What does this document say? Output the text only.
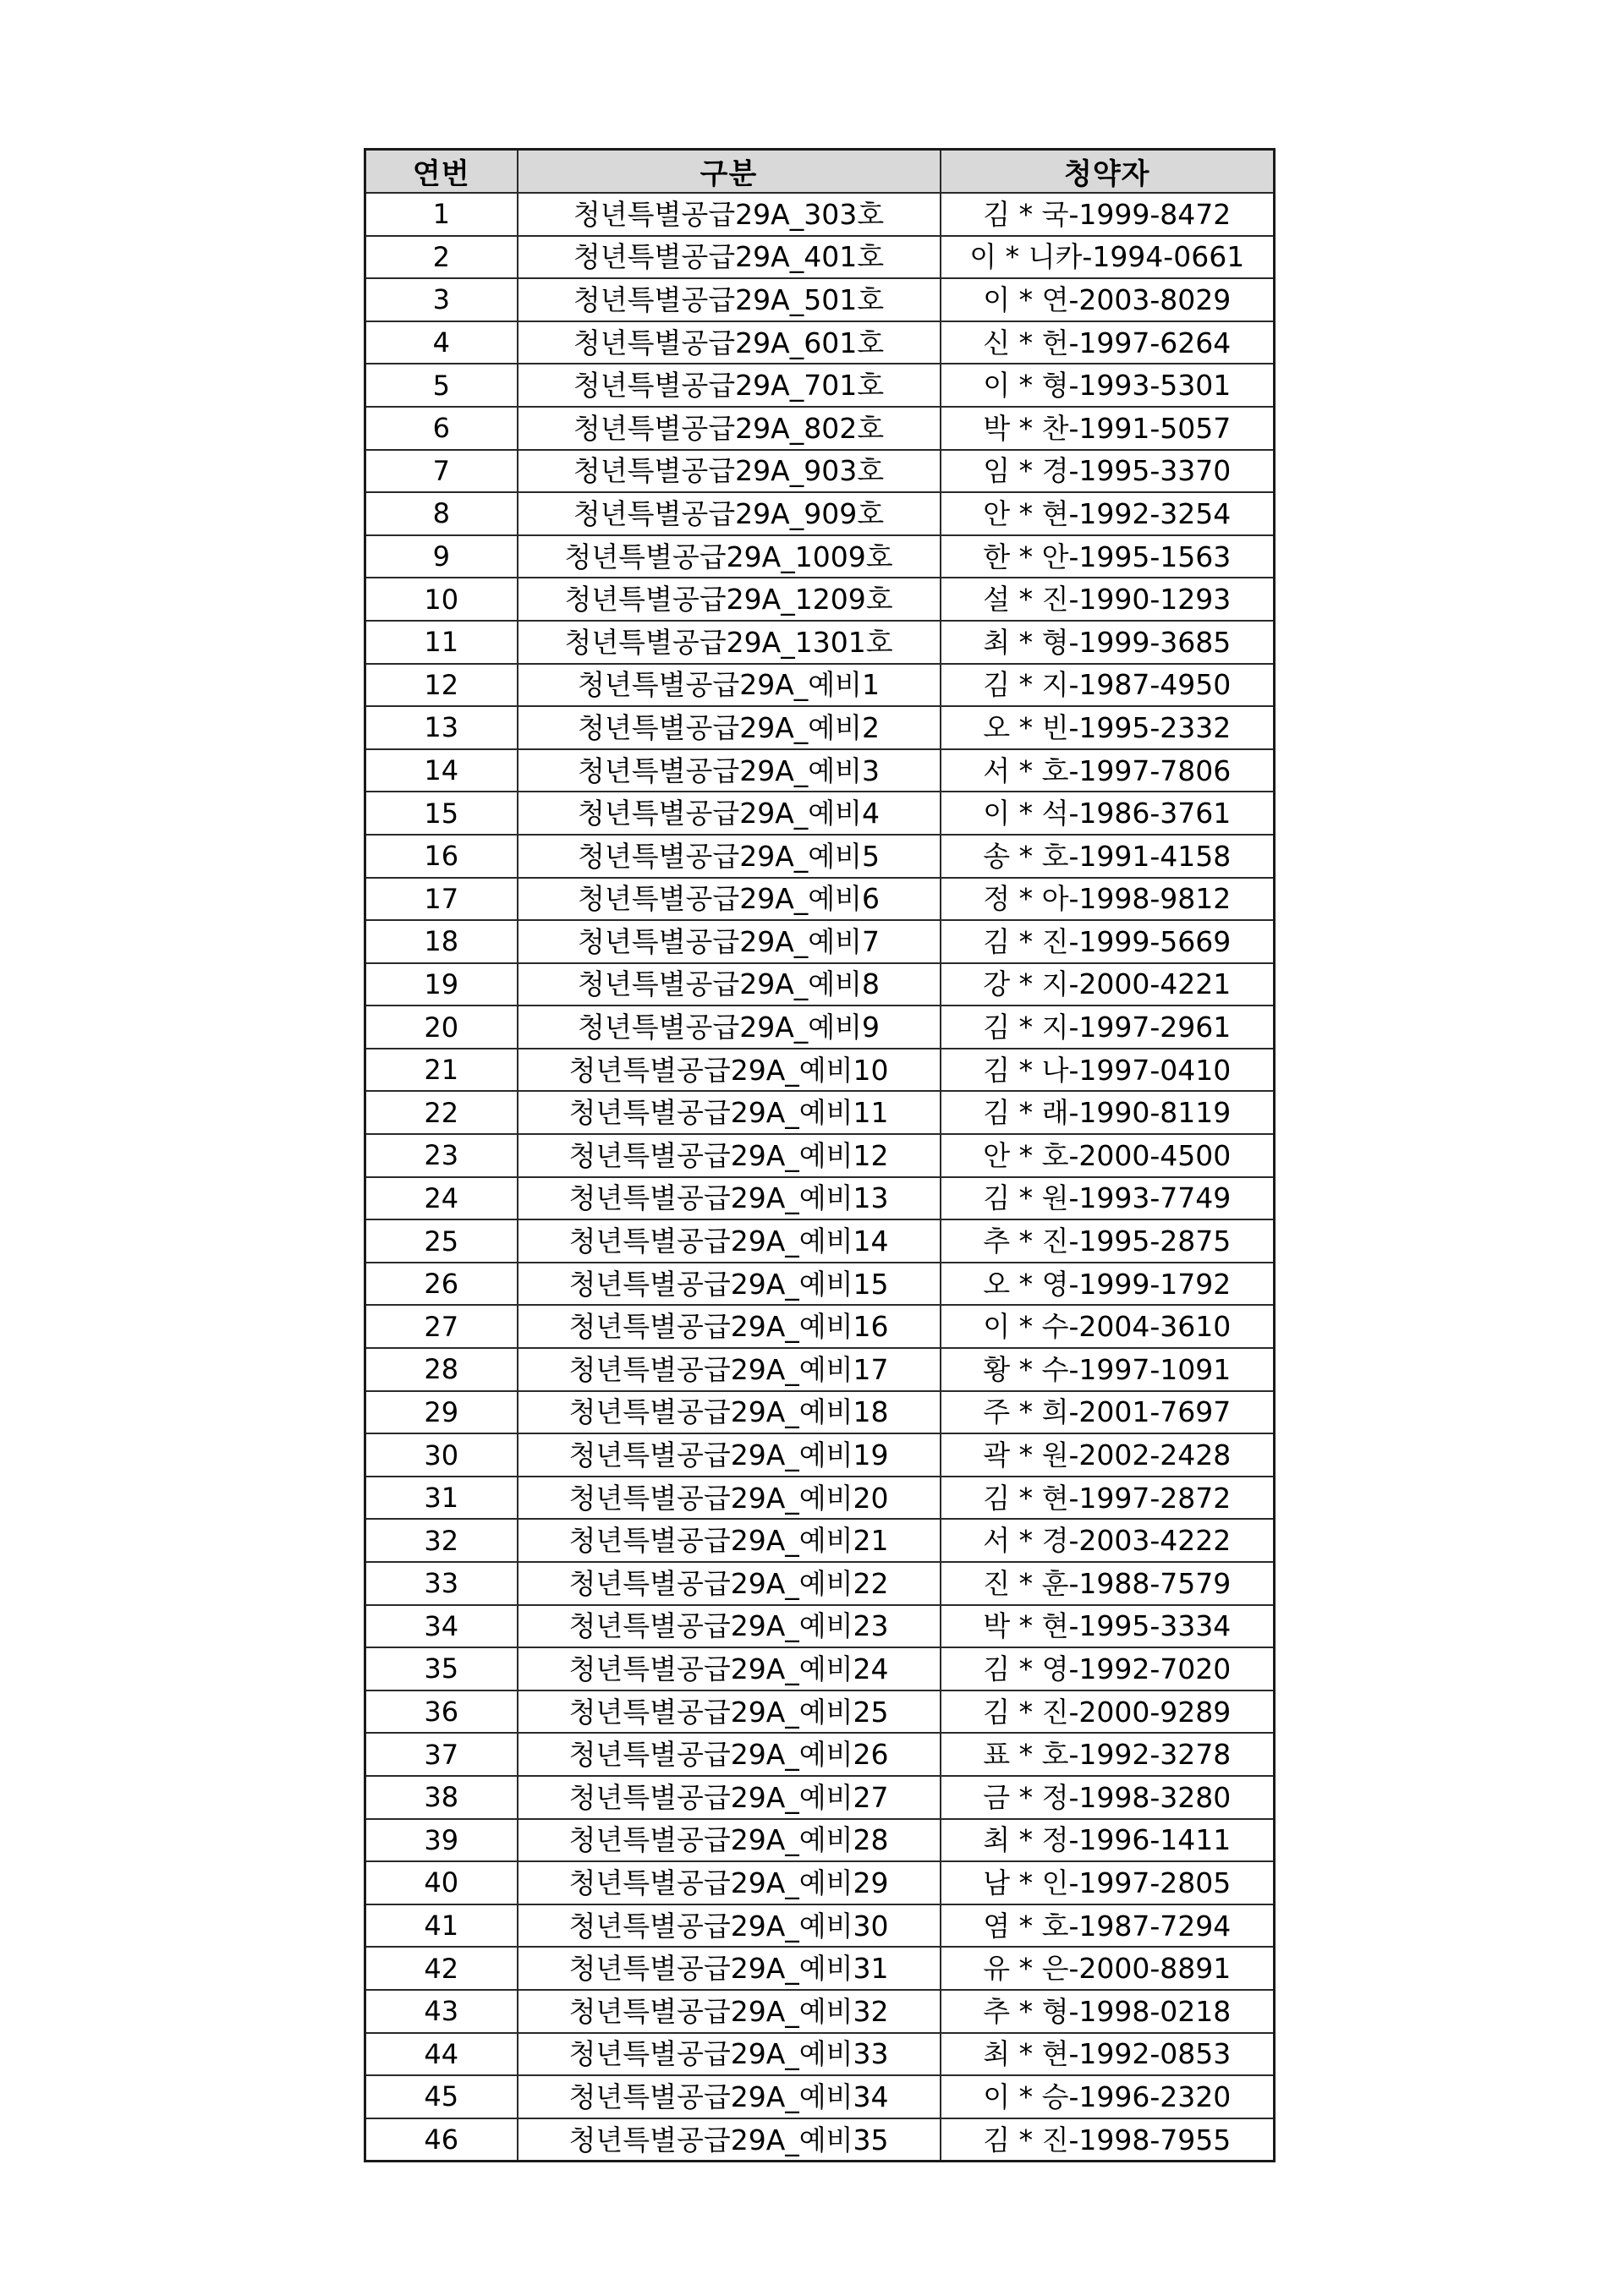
연번	구분	청약자
1	청년특별공급29A_303호	김 * 국-1999-8472
2	청년특별공급29A_401호	이 * 니카-1994-0661
3	청년특별공급29A_501호	이 * 연-2003-8029
4	청년특별공급29A_601호	신 * 헌-1997-6264
5	청년특별공급29A_701호	이 * 형-1993-5301
6	청년특별공급29A_802호	박 * 찬-1991-5057
7	청년특별공급29A_903호	임 * 경-1995-3370
8	청년특별공급29A_909호	안 * 현-1992-3254
9	청년특별공급29A_1009호	한 * 안-1995-1563
10	청년특별공급29A_1209호	설 * 진-1990-1293
11	청년특별공급29A_1301호	최 * 형-1999-3685
12	청년특별공급29A_예비1	김 * 지-1987-4950
13	청년특별공급29A_예비2	오 * 빈-1995-2332
14	청년특별공급29A_예비3	서 * 호-1997-7806
15	청년특별공급29A_예비4	이 * 석-1986-3761
16	청년특별공급29A_예비5	송 * 호-1991-4158
17	청년특별공급29A_예비6	정 * 아-1998-9812
18	청년특별공급29A_예비7	김 * 진-1999-5669
19	청년특별공급29A_예비8	강 * 지-2000-4221
20	청년특별공급29A_예비9	김 * 지-1997-2961
21	청년특별공급29A_예비10	김 * 나-1997-0410
22	청년특별공급29A_예비11	김 * 래-1990-8119
23	청년특별공급29A_예비12	안 * 호-2000-4500
24	청년특별공급29A_예비13	김 * 원-1993-7749
25	청년특별공급29A_예비14	추 * 진-1995-2875
26	청년특별공급29A_예비15	오 * 영-1999-1792
27	청년특별공급29A_예비16	이 * 수-2004-3610
28	청년특별공급29A_예비17	황 * 수-1997-1091
29	청년특별공급29A_예비18	주 * 희-2001-7697
30	청년특별공급29A_예비19	곽 * 원-2002-2428
31	청년특별공급29A_예비20	김 * 현-1997-2872
32	청년특별공급29A_예비21	서 * 경-2003-4222
33	청년특별공급29A_예비22	진 * 훈-1988-7579
34	청년특별공급29A_예비23	박 * 현-1995-3334
35	청년특별공급29A_예비24	김 * 영-1992-7020
36	청년특별공급29A_예비25	김 * 진-2000-9289
37	청년특별공급29A_예비26	표 * 호-1992-3278
38	청년특별공급29A_예비27	금 * 정-1998-3280
39	청년특별공급29A_예비28	최 * 정-1996-1411
40	청년특별공급29A_예비29	남 * 인-1997-2805
41	청년특별공급29A_예비30	염 * 호-1987-7294
42	청년특별공급29A_예비31	유 * 은-2000-8891
43	청년특별공급29A_예비32	추 * 형-1998-0218
44	청년특별공급29A_예비33	최 * 현-1992-0853
45	청년특별공급29A_예비34	이 * 승-1996-2320
46	청년특별공급29A_예비35	김 * 진-1998-7955
